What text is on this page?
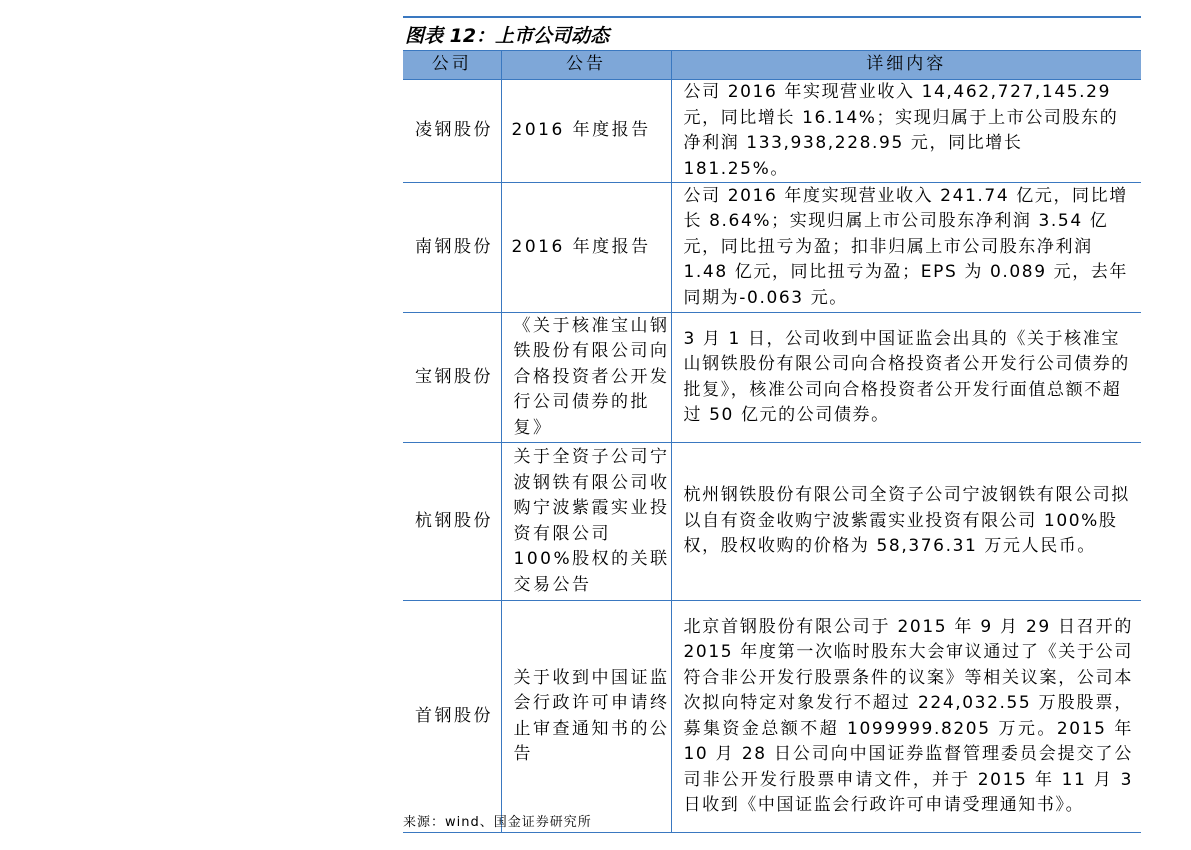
图表 12：上市公司动态
公司	公告	详细内容
凌钢股份	2016 年度报告	公司 2016 年实现营业收入 14,462,727,145.29 元，同比增长 16.14%；实现归属于上市公司股东的净利润 133,938,228.95 元，同比增长 181.25%。
南钢股份	2016 年度报告	公司 2016 年度实现营业收入 241.74 亿元，同比增长 8.64%；实现归属上市公司股东净利润 3.54 亿元，同比扭亏为盈；扣非归属上市公司股东净利润 1.48 亿元，同比扭亏为盈；EPS 为 0.089 元，去年同期为-0.063 元。
宝钢股份	《关于核准宝山钢铁股份有限公司向合格投资者公开发行公司债券的批复》	3 月 1 日，公司收到中国证监会出具的《关于核准宝山钢铁股份有限公司向合格投资者公开发行公司债券的批复》，核准公司向合格投资者公开发行面值总额不超过 50 亿元的公司债券。
杭钢股份	关于全资子公司宁波钢铁有限公司收购宁波紫霞实业投资有限公司 100%股权的关联交易公告	杭州钢铁股份有限公司全资子公司宁波钢铁有限公司拟以自有资金收购宁波紫霞实业投资有限公司 100%股权，股权收购的价格为 58,376.31 万元人民币。
首钢股份	关于收到中国证监会行政许可申请终止审查通知书的公告	北京首钢股份有限公司于 2015 年 9 月 29 日召开的 2015 年度第一次临时股东大会审议通过了《关于公司符合非公开发行股票条件的议案》等相关议案，公司本次拟向特定对象发行不超过 224,032.55 万股股票，募集资金总额不超 1099999.8205 万元。2015 年 10 月 28 日公司向中国证券监督管理委员会提交了公司非公开发行股票申请文件，并于 2015 年 11 月 3 日收到《中国证监会行政许可申请受理通知书》。
来源：wind、国金证券研究所
